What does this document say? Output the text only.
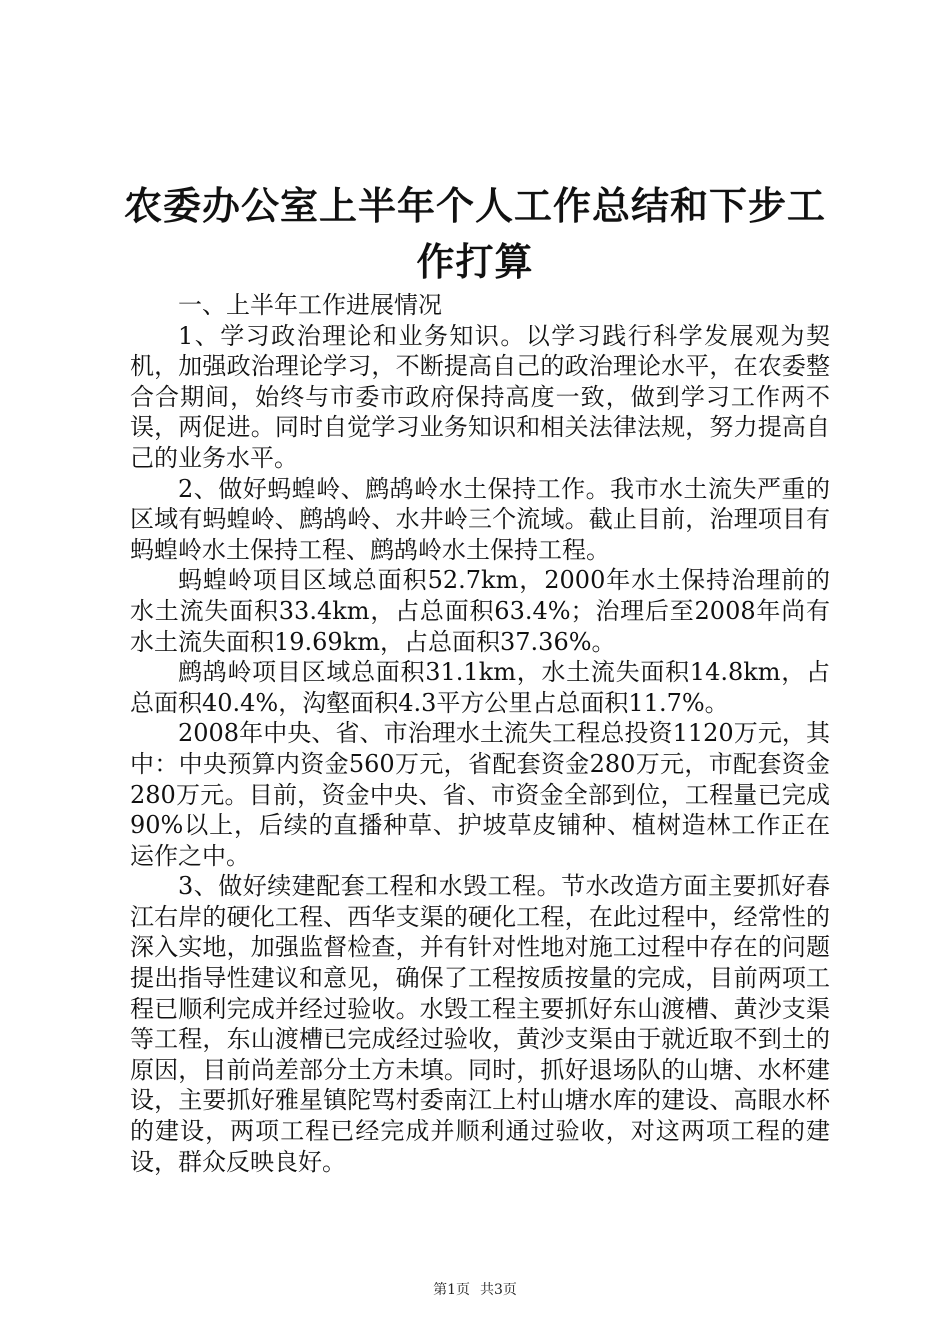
农委办公室上半年个人工作总结和下步工作打算

一、上半年工作进展情况

1、学习政治理论和业务知识。以学习践行科学发展观为契机，加强政治理论学习，不断提高自己的政治理论水平，在农委整合合期间，始终与市委市政府保持高度一致，做到学习工作两不误，两促进。同时自觉学习业务知识和相关法律法规，努力提高自己的业务水平。

2、做好蚂蝗岭、鹧鸪岭水土保持工作。我市水土流失严重的区域有蚂蝗岭、鹧鸪岭、水井岭三个流域。截止目前，治理项目有蚂蝗岭水土保持工程、鹧鸪岭水土保持工程。

蚂蝗岭项目区域总面积52.7km，2000年水土保持治理前的水土流失面积33.4km，占总面积63.4%；治理后至2008年尚有水土流失面积19.69km，占总面积37.36%。

鹧鸪岭项目区域总面积31.1km，水土流失面积14.8km，占总面积40.4%，沟壑面积4.3平方公里占总面积11.7%。

2008年中央、省、市治理水土流失工程总投资1120万元，其中：中央预算内资金560万元，省配套资金280万元，市配套资金280万元。目前，资金中央、省、市资金全部到位，工程量已完成90%以上，后续的直播种草、护坡草皮铺种、植树造林工作正在运作之中。

3、做好续建配套工程和水毁工程。节水改造方面主要抓好春江右岸的硬化工程、西华支渠的硬化工程，在此过程中，经常性的深入实地，加强监督检查，并有针对性地对施工过程中存在的问题提出指导性建议和意见，确保了工程按质按量的完成，目前两项工程已顺利完成并经过验收。水毁工程主要抓好东山渡槽、黄沙支渠等工程，东山渡槽已完成经过验收，黄沙支渠由于就近取不到土的原因，目前尚差部分土方未填。同时，抓好退场队的山塘、水杯建设，主要抓好雅星镇陀骂村委南江上村山塘水库的建设、高眼水杯的建设，两项工程已经完成并顺利通过验收，对这两项工程的建设，群众反映良好。

第1页 共3页
